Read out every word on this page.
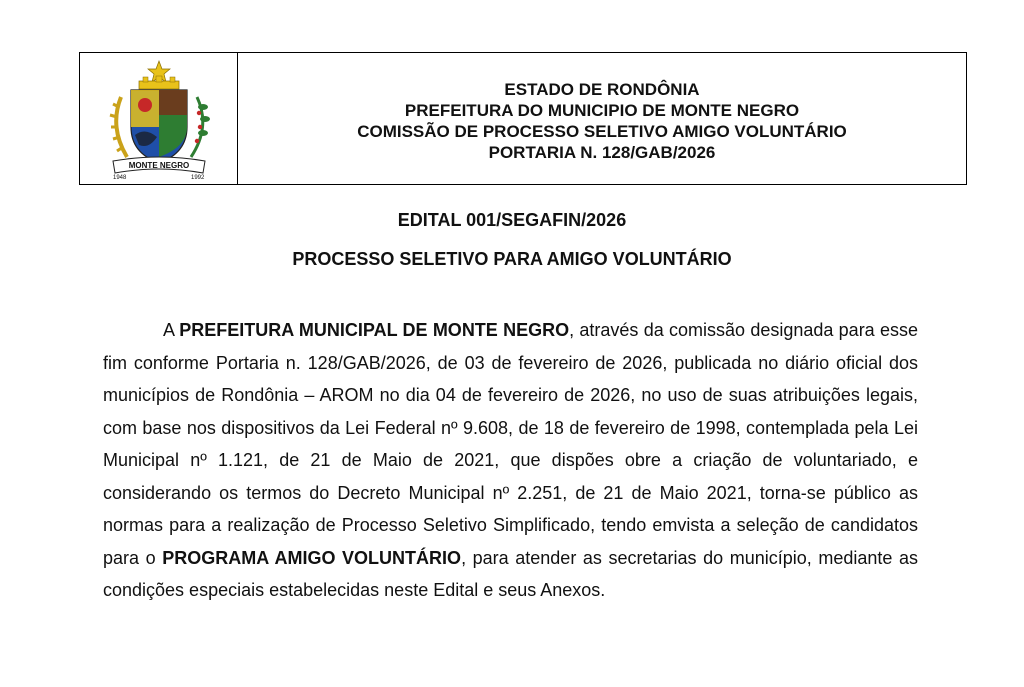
MONTE NEGRO
1948	1992
ESTADO DE RONDÔNIA
PREFEITURA DO MUNICIPIO DE MONTE NEGRO
COMISSÃO DE PROCESSO SELETIVO AMIGO VOLUNTÁRIO
PORTARIA N. 128/GAB/2026
EDITAL 001/SEGAFIN/2026
PROCESSO SELETIVO PARA AMIGO VOLUNTÁRIO

A PREFEITURA MUNICIPAL DE MONTE NEGRO, através da comissão designada para esse fim conforme Portaria n. 128/GAB/2026, de 03 de fevereiro de 2026, publicada no diário oficial dos municípios de Rondônia – AROM no dia 04 de fevereiro de 2026, no uso de suas atribuições legais, com base nos dispositivos da Lei Federal nº 9.608, de 18 de fevereiro de 1998, contemplada pela Lei Municipal nº 1.121, de 21 de Maio de 2021, que dispões obre a criação de voluntariado, e considerando os termos do Decreto Municipal nº 2.251, de 21 de Maio 2021, torna-se público as normas para a realização de Processo Seletivo Simplificado, tendo emvista a seleção de candidatos para o PROGRAMA AMIGO VOLUNTÁRIO, para atender as secretarias do município, mediante as condições especiais estabelecidas neste Edital e seus Anexos.
